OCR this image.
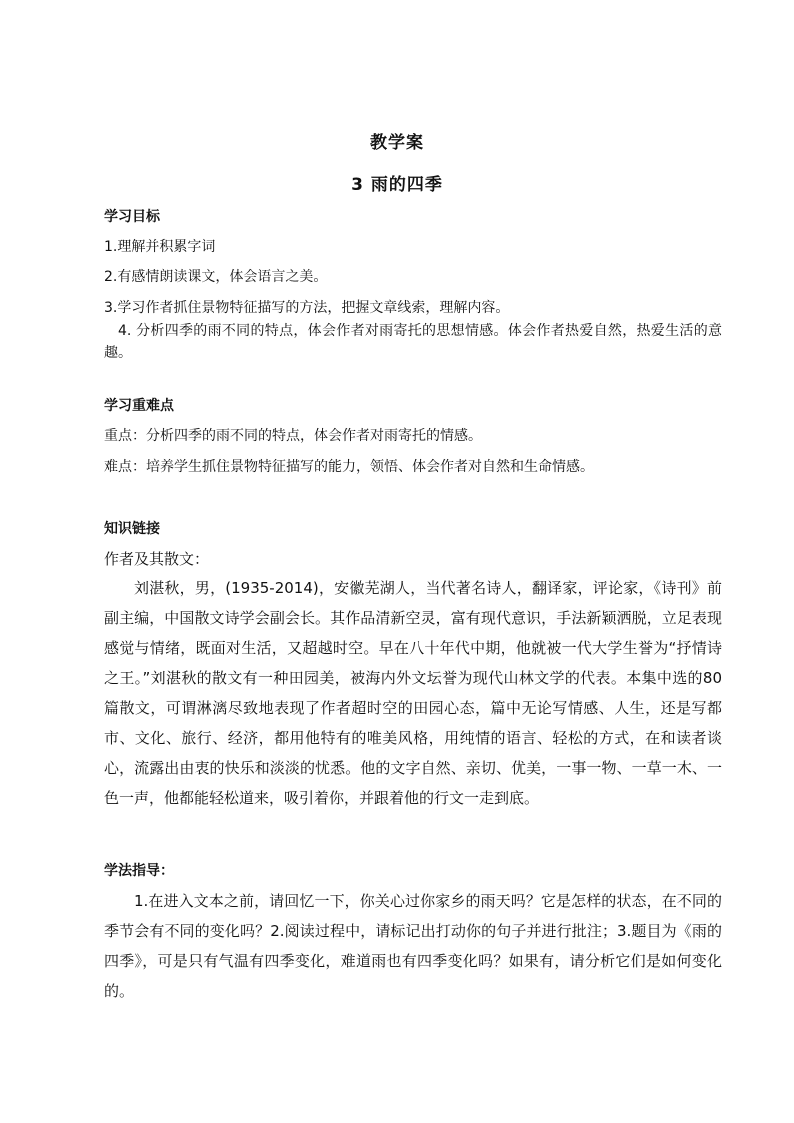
教学案
3 雨的四季
学习目标
1.理解并积累字词
2.有感情朗读课文，体会语言之美。
3.学习作者抓住景物特征描写的方法，把握文章线索，理解内容。
4. 分析四季的雨不同的特点，体会作者对雨寄托的思想情感。体会作者热爱自然，热爱生活的意趣。
学习重难点
重点：分析四季的雨不同的特点，体会作者对雨寄托的情感。
难点：培养学生抓住景物特征描写的能力，领悟、体会作者对自然和生命情感。
知识链接
作者及其散文：
刘湛秋，男，(1935-2014)，安徽芜湖人，当代著名诗人，翻译家，评论家，《诗刊》前副主编，中国散文诗学会副会长。其作品清新空灵，富有现代意识，手法新颖洒脱，立足表现感觉与情绪，既面对生活，又超越时空。早在八十年代中期，他就被一代大学生誉为“抒情诗之王。”刘湛秋的散文有一种田园美，被海内外文坛誉为现代山林文学的代表。本集中选的80篇散文，可谓淋漓尽致地表现了作者超时空的田园心态，篇中无论写情感、人生，还是写都市、文化、旅行、经济，都用他特有的唯美风格，用纯情的语言、轻松的方式，在和读者谈心，流露出由衷的快乐和淡淡的忧悉。他的文字自然、亲切、优美，一事一物、一草一木、一色一声，他都能轻松道来，吸引着你，并跟着他的行文一走到底。
学法指导：
1.在进入文本之前，请回忆一下，你关心过你家乡的雨天吗？它是怎样的状态，在不同的季节会有不同的变化吗？2.阅读过程中，请标记出打动你的句子并进行批注；3.题目为《雨的四季》，可是只有气温有四季变化，难道雨也有四季变化吗？如果有，请分析它们是如何变化的。
